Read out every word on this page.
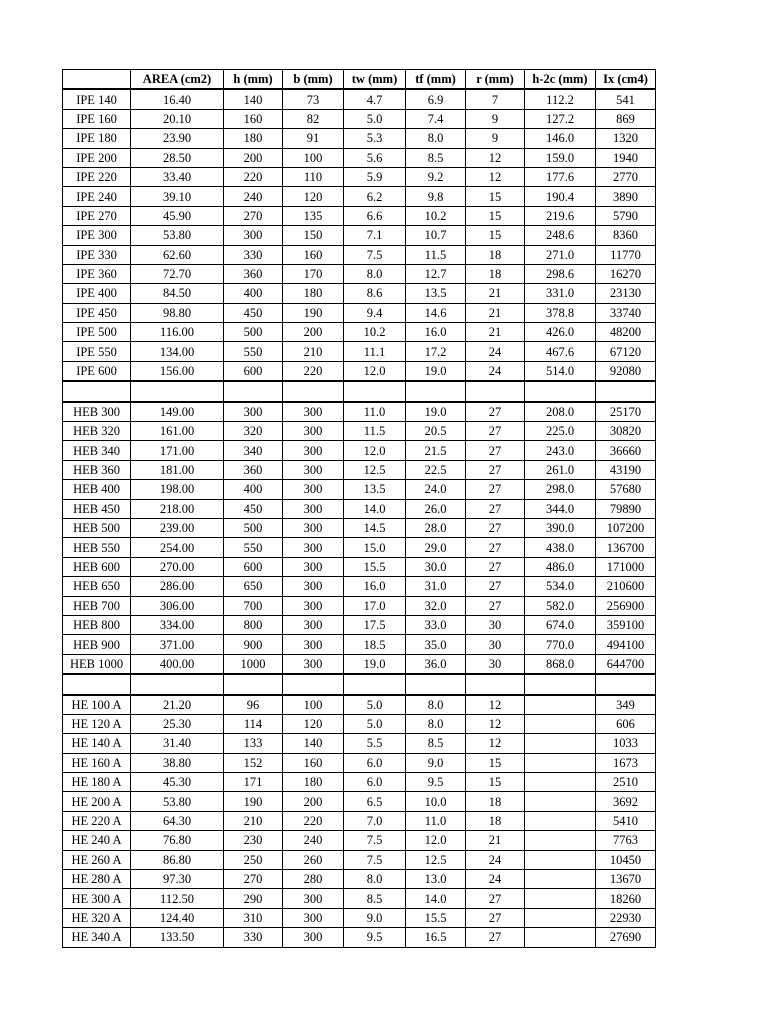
	AREA (cm2)	h (mm)	b (mm)	tw (mm)	tf (mm)	r (mm)	h-2c (mm)	Ix (cm4)
IPE 140	16.40	140	73	4.7	6.9	7	112.2	541
IPE 160	20.10	160	82	5.0	7.4	9	127.2	869
IPE 180	23.90	180	91	5.3	8.0	9	146.0	1320
IPE 200	28.50	200	100	5.6	8.5	12	159.0	1940
IPE 220	33.40	220	110	5.9	9.2	12	177.6	2770
IPE 240	39.10	240	120	6.2	9.8	15	190.4	3890
IPE 270	45.90	270	135	6.6	10.2	15	219.6	5790
IPE 300	53.80	300	150	7.1	10.7	15	248.6	8360
IPE 330	62.60	330	160	7.5	11.5	18	271.0	11770
IPE 360	72.70	360	170	8.0	12.7	18	298.6	16270
IPE 400	84.50	400	180	8.6	13.5	21	331.0	23130
IPE 450	98.80	450	190	9.4	14.6	21	378.8	33740
IPE 500	116.00	500	200	10.2	16.0	21	426.0	48200
IPE 550	134.00	550	210	11.1	17.2	24	467.6	67120
IPE 600	156.00	600	220	12.0	19.0	24	514.0	92080

HEB 300	149.00	300	300	11.0	19.0	27	208.0	25170
HEB 320	161.00	320	300	11.5	20.5	27	225.0	30820
HEB 340	171.00	340	300	12.0	21.5	27	243.0	36660
HEB 360	181.00	360	300	12.5	22.5	27	261.0	43190
HEB 400	198.00	400	300	13.5	24.0	27	298.0	57680
HEB 450	218.00	450	300	14.0	26.0	27	344.0	79890
HEB 500	239.00	500	300	14.5	28.0	27	390.0	107200
HEB 550	254.00	550	300	15.0	29.0	27	438.0	136700
HEB 600	270.00	600	300	15.5	30.0	27	486.0	171000
HEB 650	286.00	650	300	16.0	31.0	27	534.0	210600
HEB 700	306.00	700	300	17.0	32.0	27	582.0	256900
HEB 800	334.00	800	300	17.5	33.0	30	674.0	359100
HEB 900	371.00	900	300	18.5	35.0	30	770.0	494100
HEB 1000	400.00	1000	300	19.0	36.0	30	868.0	644700

HE 100 A	21.20	96	100	5.0	8.0	12		349
HE 120 A	25.30	114	120	5.0	8.0	12		606
HE 140 A	31.40	133	140	5.5	8.5	12		1033
HE 160 A	38.80	152	160	6.0	9.0	15		1673
HE 180 A	45.30	171	180	6.0	9.5	15		2510
HE 200 A	53.80	190	200	6.5	10.0	18		3692
HE 220 A	64.30	210	220	7.0	11.0	18		5410
HE 240 A	76.80	230	240	7.5	12.0	21		7763
HE 260 A	86.80	250	260	7.5	12.5	24		10450
HE 280 A	97.30	270	280	8.0	13.0	24		13670
HE 300 A	112.50	290	300	8.5	14.0	27		18260
HE 320 A	124.40	310	300	9.0	15.5	27		22930
HE 340 A	133.50	330	300	9.5	16.5	27		27690
